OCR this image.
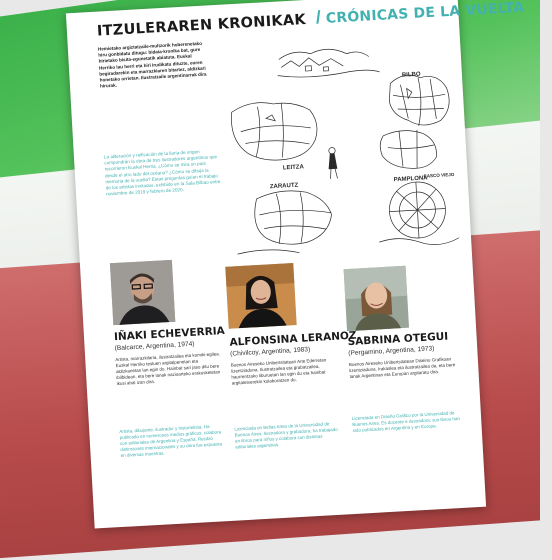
ITZULERAREN KRONIKAK / CRÓNICAS DE LA VUELTA
Hemietako argiztatzaile-multzorik hoberenetako hiru gonbidatu ditugu: bidaia-kronika bat, gure hirietako bisita-egunetatik abiatuta. Euskal Herriko lau herri eta hiri irudikatu dituzte, euren begiradarekin eta marrazkiaren bitartez, aldizkari honetako orrietan. Ilustratzaile argentinarrak dira hirurak.
La aliteración y reificación de la liaría de origen compondrán la obra de tres ilustradores argentinos que recorrieron Euskal Herria. ¿Cómo se mira un país desde el otro lado del océano? ¿Cómo se dibuja la memoria de la vuelta? Estas preguntas guían el trabajo de los artistas invitados, exhibido en la Sala Bilbao entre noviembre de 2019 y febrero de 2020.
BILBO
LEITZA
PAMPLONA
ZARAUTZ
CASCO VIEJO
IÑAKI ECHEVERRIA ALFONSINA LERANOZ
SABRINA OTEGUI
(Balcarce, Argentina, 1974)	(Chivilcoy, Argentina, 1983)	(Pergamino, Argentina, 1973)
Artista, marrazkilaria, ilustratzailea eta komiki-egilea. Euskal Herriko testuen argitalpenetan eta aldizkarietan lan egin du. Hainbat sari jaso ditu bere ibilbidean, eta bere lanak nazioarteko erakusketetan ikusi ahal izan dira.
Artista, dibujante, ilustrador y historietista. Ha publicado en numerosos medios gráficos; colabora con editoriales de Argentina y España. Recibió distinciones internacionales y su obra fue expuesta en diversas muestras.
Buenos Aireseko Unibertsitatean Arte Ederretan lizentziaduna. Ilustratzailea eta grabatzailea, haurrentzako liburuetan lan egin du eta hainbat argitaletxerekin kolaboratzen du.
Licenciada en Bellas Artes de la Universidad de Buenos Aires. Ilustradora y grabadora; ha trabajado en libros para niños y colabora con distintas editoriales argentinas.
Buenos Aireseko Unibertsitatean Diseinu Grafikoan lizentziaduna. Irakaslea eta ilustratzailea da, eta bere lanak Argentinan eta Europan argitaratu dira.
Licenciada en Diseño Gráfico por la Universidad de Buenos Aires. Es docente e ilustradora; sus libros han sido publicados en Argentina y en Europa.
